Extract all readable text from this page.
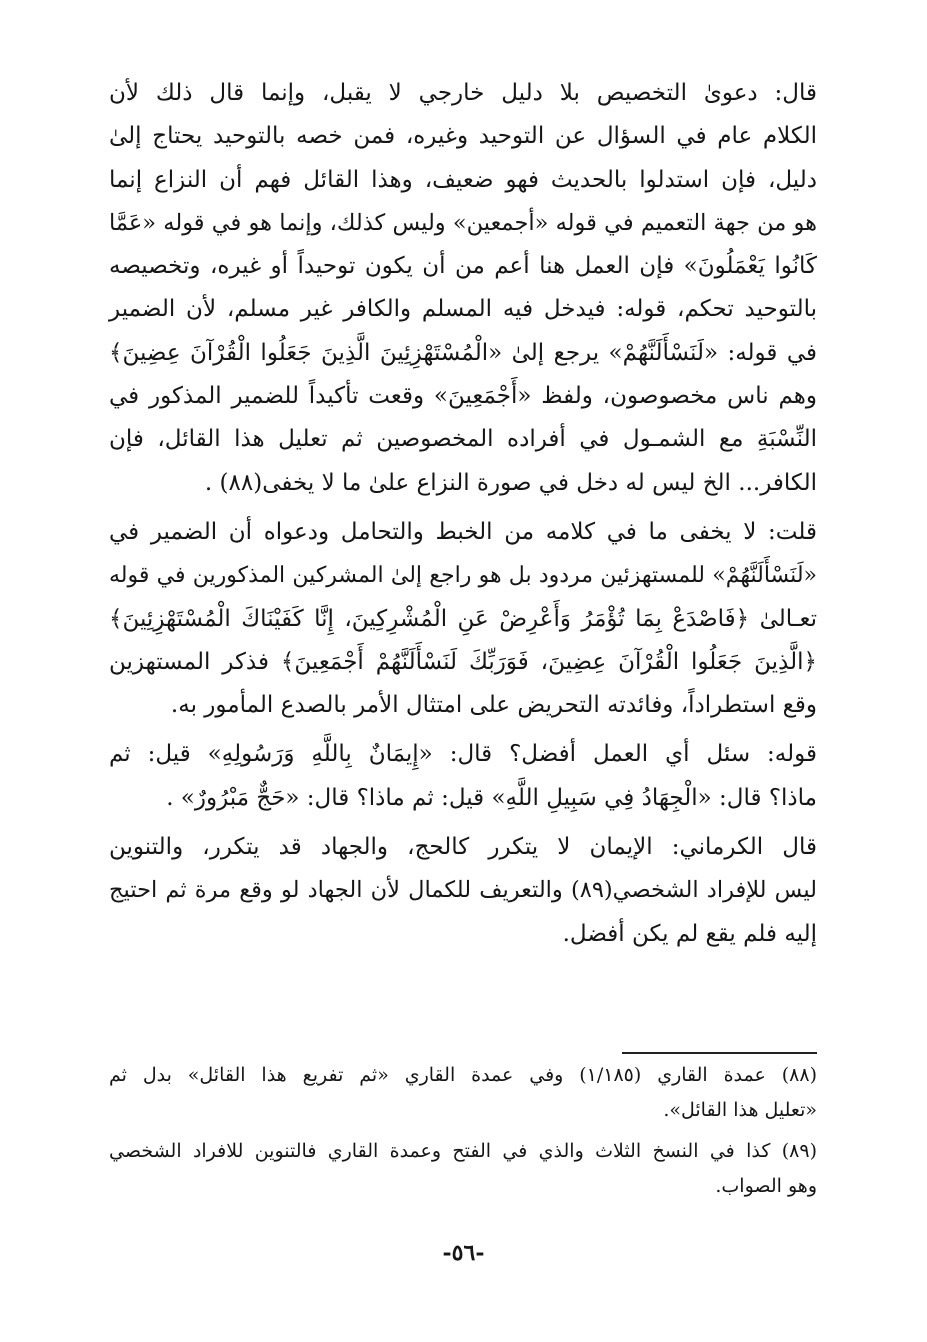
قال: دعوىٰ التخصيص بلا دليل خارجي لا يقبل، وإنما قال ذلك لأن
الكلام عام في السؤال عن التوحيد وغيره، فمن خصه بالتوحيد يحتاج إلىٰ
دليل، فإن استدلوا بالحديث فهو ضعيف، وهذا القائل فهم أن النزاع إنما
هو من جهة التعميم في قوله «أجمعين» وليس كذلك، وإنما هو في قوله «عَمَّا
كَانُوا يَعْمَلُونَ» فإن العمل هنا أعم من أن يكون توحيداً أو غيره، وتخصيصه
بالتوحيد تحكم، قوله: فيدخل فيه المسلم والكافر غير مسلم، لأن الضمير
في قوله: «لَنَسْأَلَنَّهُمْ» يرجع إلىٰ «الْمُسْتَهْزِئِينَ الَّذِينَ جَعَلُوا الْقُرْآنَ عِضِينَ﴾
وهم ناس مخصوصون، ولفظ «أَجْمَعِينَ» وقعت تأكيداً للضمير المذكور في
النِّسْبَةِ مع الشمـول في أفراده المخصوصين ثم تعليل هذا القائل، فإن
الكافر... الخ ليس له دخل في صورة النزاع علىٰ ما لا يخفى(٨٨) .

قلت: لا يخفى ما في كلامه من الخبط والتحامل ودعواه أن الضمير في
«لَنَسْأَلَنَّهُمْ» للمستهزئين مردود بل هو راجع إلىٰ المشركين المذكورين في قوله
تعـالىٰ ﴿فَاصْدَعْ بِمَا تُؤْمَرُ وَأَعْرِضْ عَنِ الْمُشْرِكِينَ، إِنَّا كَفَيْنَاكَ الْمُسْتَهْزِئِينَ﴾
﴿الَّذِينَ جَعَلُوا الْقُرْآنَ عِضِينَ، فَوَرَبِّكَ لَنَسْأَلَنَّهُمْ أَجْمَعِينَ﴾ فذكر المستهزين
وقع استطراداً، وفائدته التحريض على امتثال الأمر بالصدع المأمور به.

قوله: سئل أي العمل أفضل؟ قال: «إِيمَانٌ بِاللَّهِ وَرَسُولِهِ» قيل: ثم
ماذا؟ قال: «الْجِهَادُ فِي سَبِيلِ اللَّهِ» قيل: ثم ماذا؟ قال: «حَجٌّ مَبْرُورٌ» .

قال الكرماني: الإيمان لا يتكرر كالحج، والجهاد قد يتكرر، والتنوين
ليس للإفراد الشخصي(٨٩) والتعريف للكمال لأن الجهاد لو وقع مرة ثم احتيج
إليه فلم يقع لم يكن أفضل.

(٨٨) عمدة القاري (١/١٨٥) وفي عمدة القاري «ثم تفريع هذا القائل» بدل ثم
«تعليل هذا القائل».

(٨٩) كذا في النسخ الثلاث والذي في الفتح وعمدة القاري فالتنوين للافراد الشخصي
وهو الصواب.

-٥٦-
